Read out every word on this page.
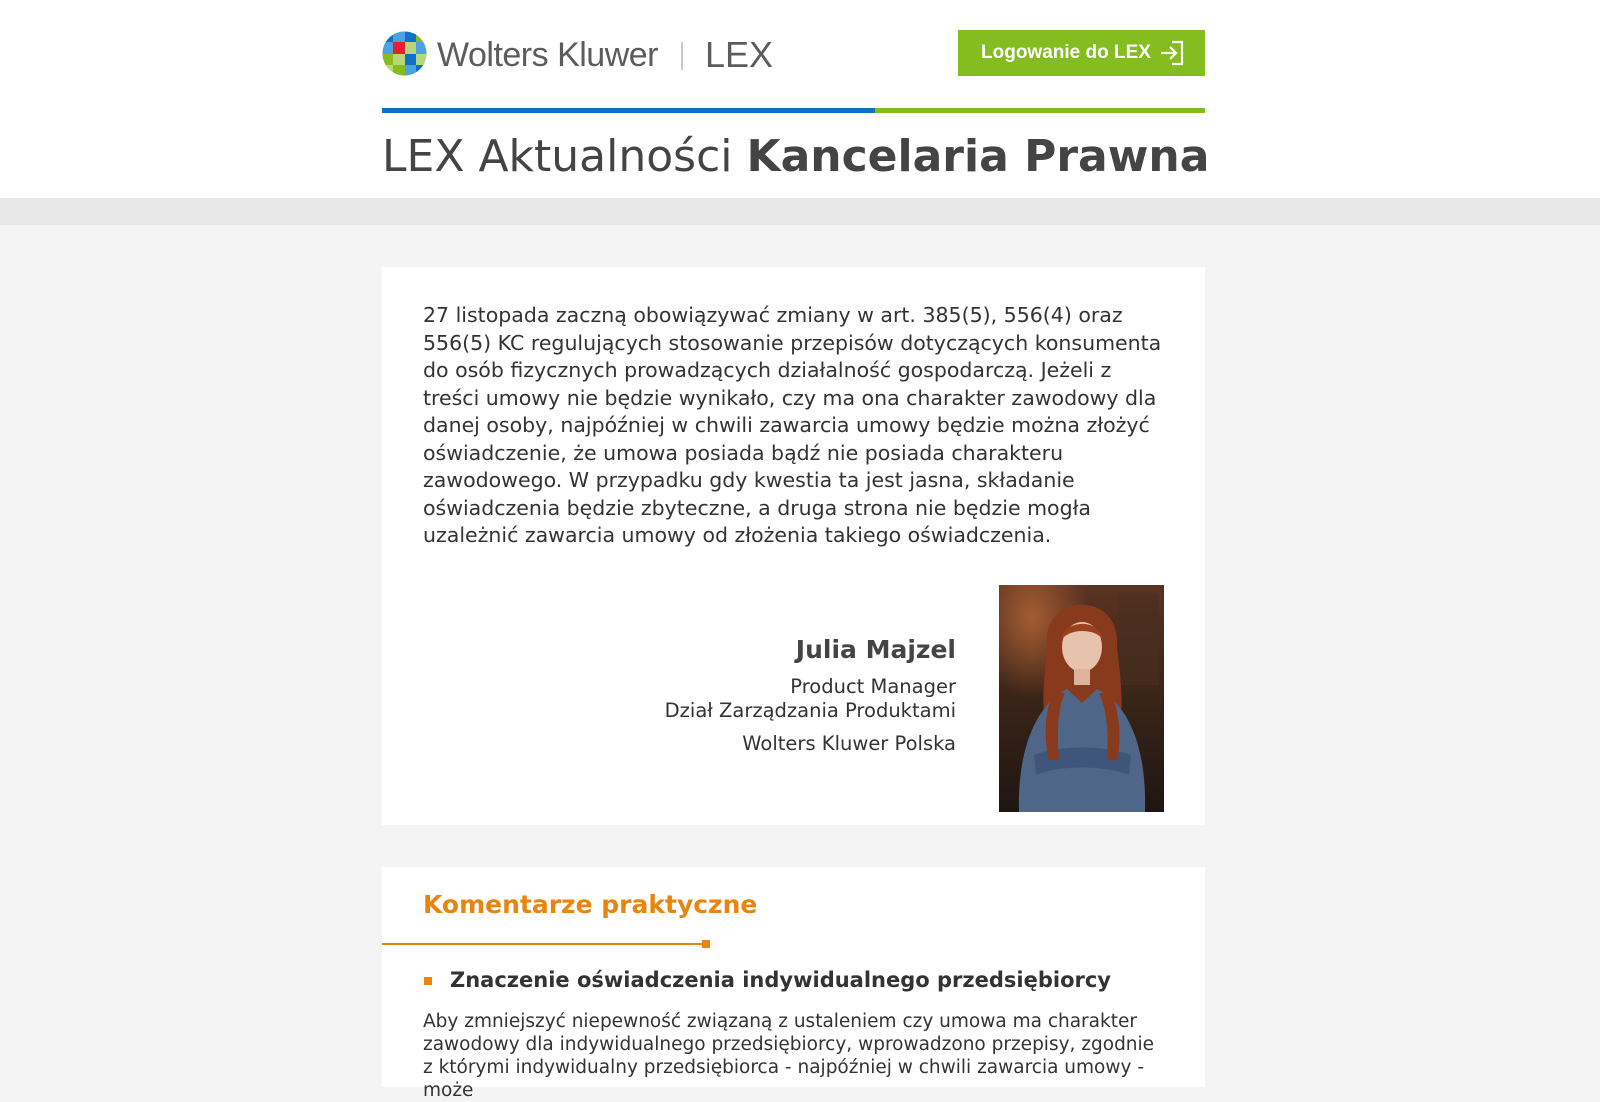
Wolters Kluwer LEX	Logowanie do LEX
LEX Aktualności Kancelaria Prawna

27 listopada zaczną obowiązywać zmiany w art. 385(5), 556(4) oraz 556(5) KC regulujących stosowanie przepisów dotyczących konsumenta do osób fizycznych prowadzących działalność gospodarczą. Jeżeli z treści umowy nie będzie wynikało, czy ma ona charakter zawodowy dla danej osoby, najpóźniej w chwili zawarcia umowy będzie można złożyć oświadczenie, że umowa posiada bądź nie posiada charakteru zawodowego. W przypadku gdy kwestia ta jest jasna, składanie oświadczenia będzie zbyteczne, a druga strona nie będzie mogła uzależnić zawarcia umowy od złożenia takiego oświadczenia.

Julia Majzel
Product Manager
Dział Zarządzania Produktami
Wolters Kluwer Polska
Komentarze praktyczne
Znaczenie oświadczenia indywidualnego przedsiębiorcy

Aby zmniejszyć niepewność związaną z ustaleniem czy umowa ma charakter zawodowy dla indywidualnego przedsiębiorcy, wprowadzono przepisy, zgodnie z którymi indywidualny przedsiębiorca - najpóźniej w chwili zawarcia umowy - może
